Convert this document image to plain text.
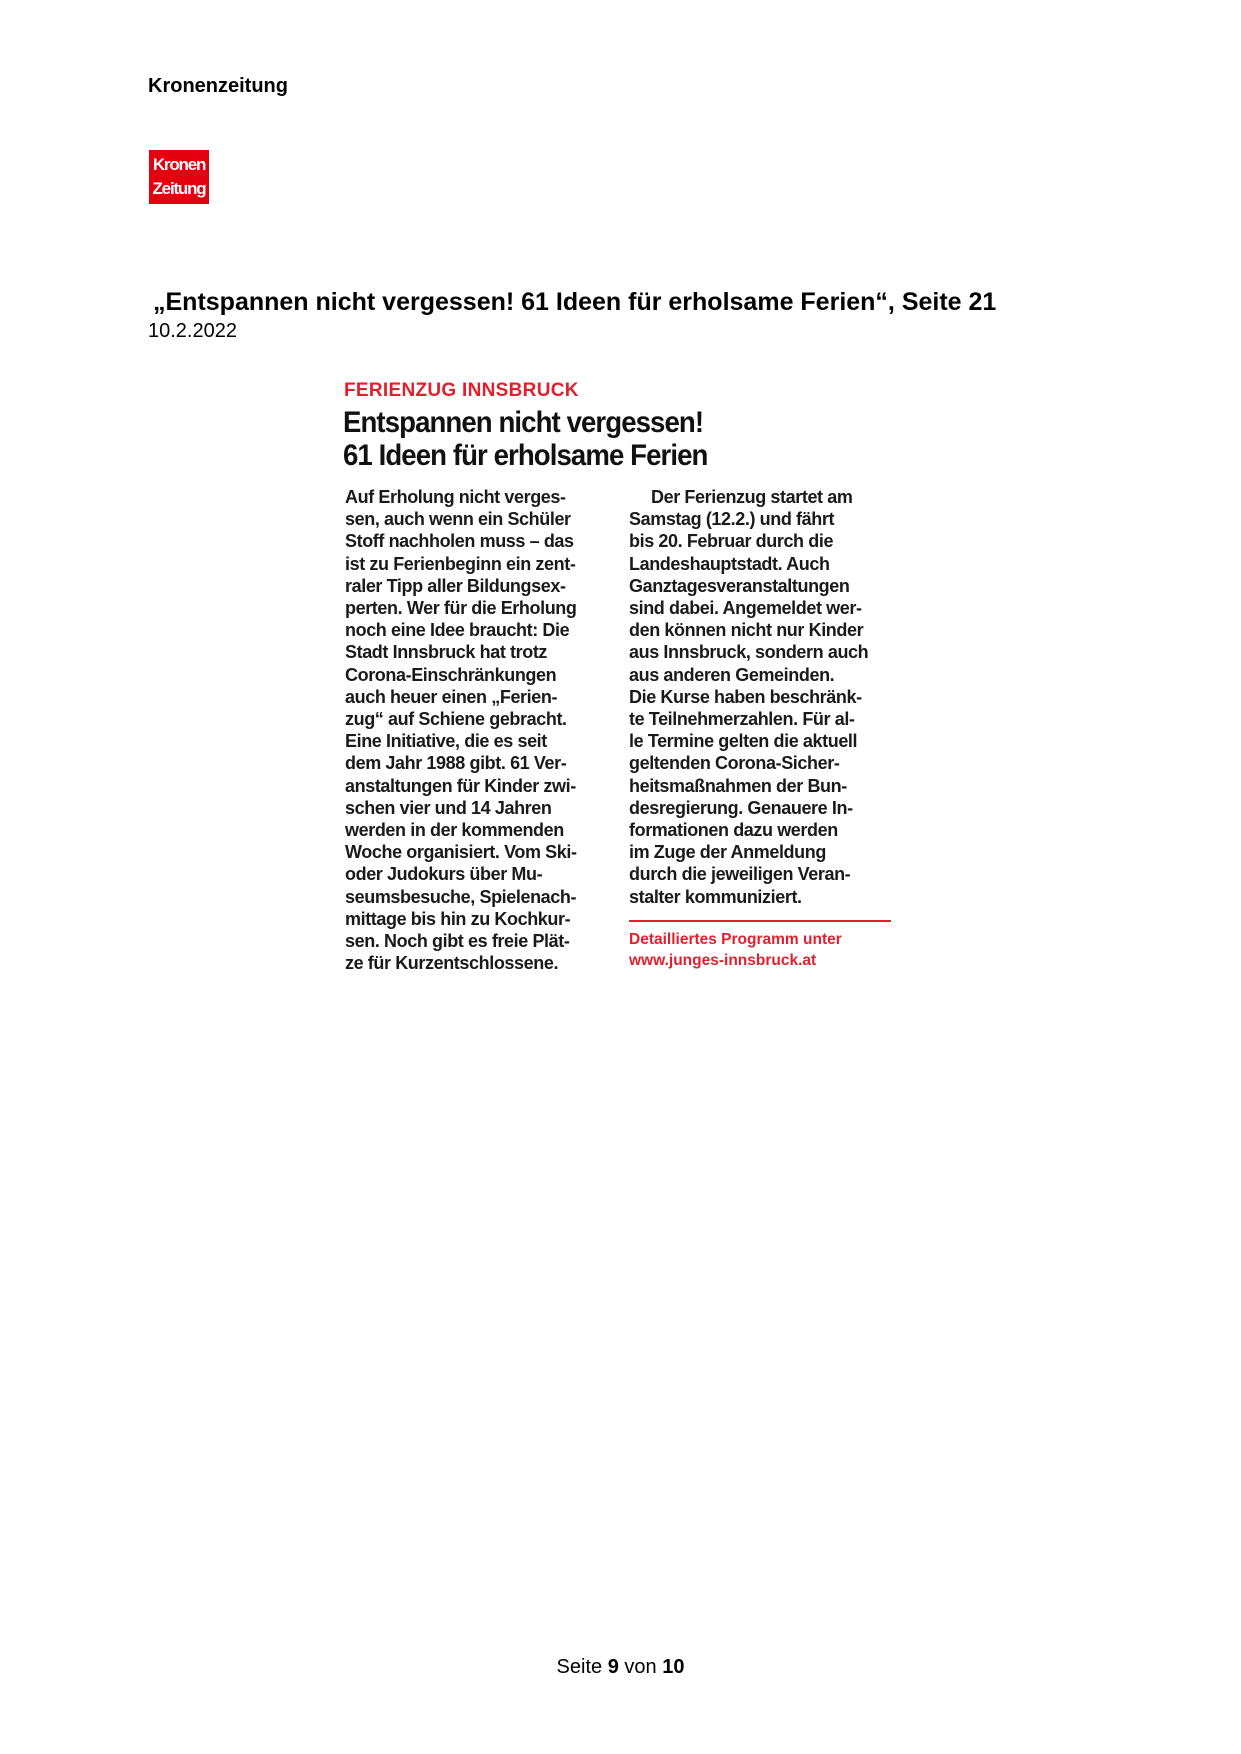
Kronenzeitung
Kronen
Zeitung
„Entspannen nicht vergessen! 61 Ideen für erholsame Ferien“, Seite 21
10.2.2022
FERIENZUG INNSBRUCK
Entspannen nicht vergessen!
61 Ideen für erholsame Ferien
Auf Erholung nicht verges-
sen, auch wenn ein Schüler
Stoff nachholen muss – das
ist zu Ferienbeginn ein zent-
raler Tipp aller Bildungsex-
perten. Wer für die Erholung
noch eine Idee braucht: Die
Stadt Innsbruck hat trotz
Corona-Einschränkungen
auch heuer einen „Ferien-
zug“ auf Schiene gebracht.
Eine Initiative, die es seit
dem Jahr 1988 gibt. 61 Ver-
anstaltungen für Kinder zwi-
schen vier und 14 Jahren
werden in der kommenden
Woche organisiert. Vom Ski-
oder Judokurs über Mu-
seumsbesuche, Spielenach-
mittage bis hin zu Kochkur-
sen. Noch gibt es freie Plät-
ze für Kurzentschlossene.
Der Ferienzug startet am
Samstag (12.2.) und fährt
bis 20. Februar durch die
Landeshauptstadt. Auch
Ganztagesveranstaltungen
sind dabei. Angemeldet wer-
den können nicht nur Kinder
aus Innsbruck, sondern auch
aus anderen Gemeinden.
Die Kurse haben beschränk-
te Teilnehmerzahlen. Für al-
le Termine gelten die aktuell
geltenden Corona-Sicher-
heitsmaßnahmen der Bun-
desregierung. Genauere In-
formationen dazu werden
im Zuge der Anmeldung
durch die jeweiligen Veran-
stalter kommuniziert.
Detailliertes Programm unter
www.junges-innsbruck.at
Seite 9 von 10
